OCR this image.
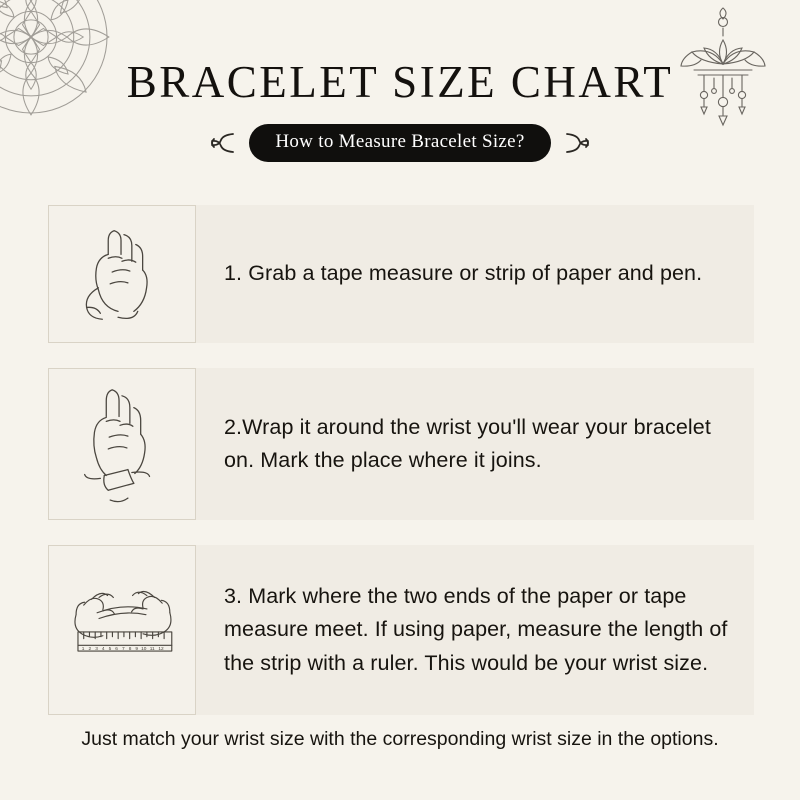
BRACELET SIZE CHART
How to Measure Bracelet Size?
1. Grab a tape measure or strip of paper and pen.
2.Wrap it around the wrist you'll wear your bracelet on. Mark the place where it joins.
1 2 3 4 5 6 7 8 9 10 11 12
3. Mark where the two ends of the paper or tape measure meet. If using paper, measure the length of the strip with a ruler. This would be your wrist size.
Just match your wrist size with the corresponding wrist size in the options.
